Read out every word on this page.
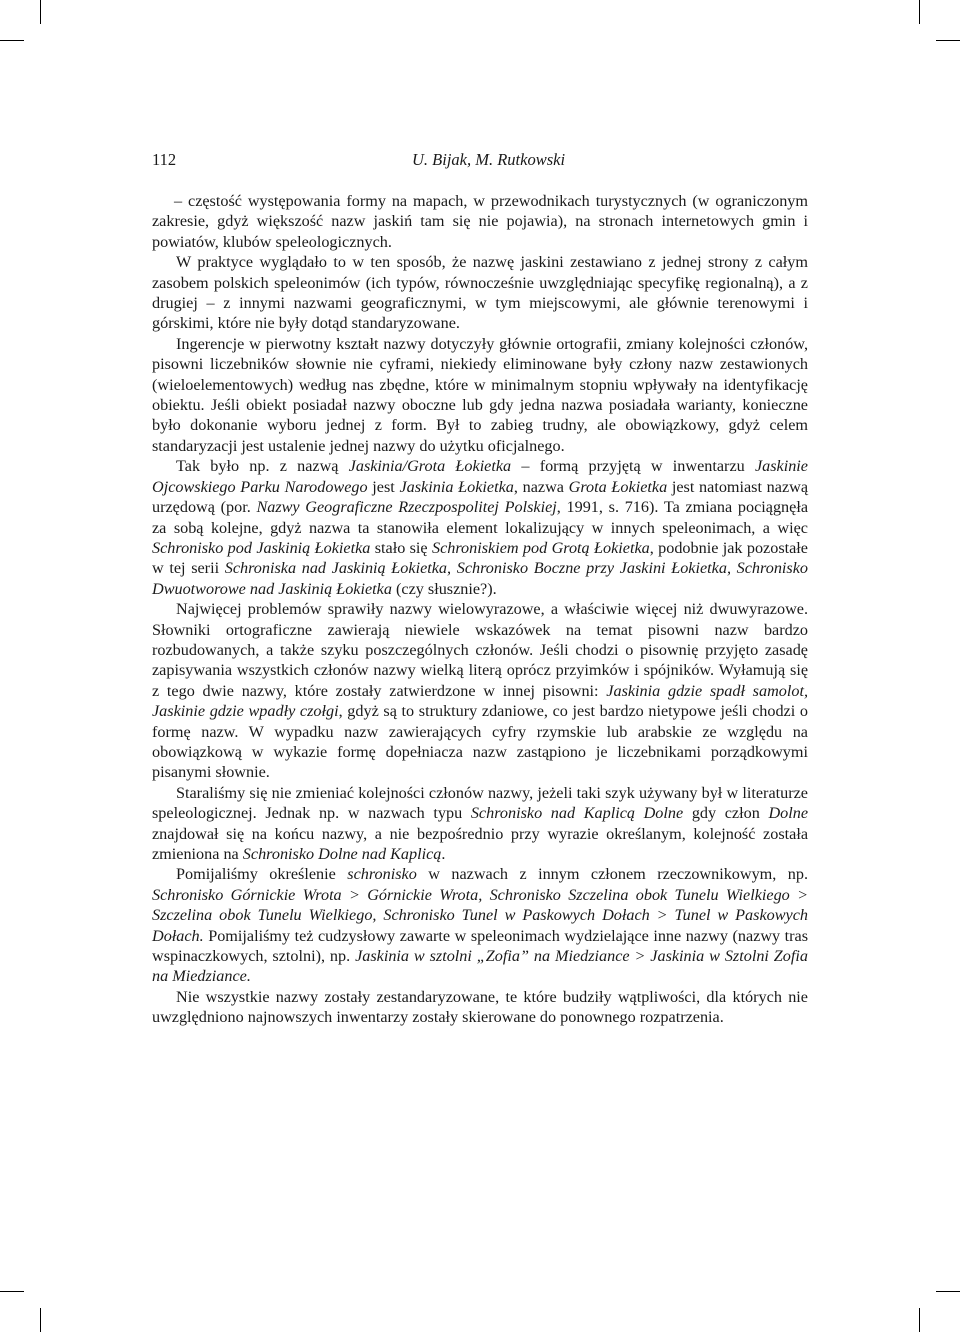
112	U. Bijak, M. Rutkowski

– częstość występowania formy na mapach, w przewodnikach turystycznych (w ograniczonym zakresie, gdyż większość nazw jaskiń tam się nie pojawia), na stronach internetowych gmin i powiatów, klubów speleologicznych.

W praktyce wyglądało to w ten sposób, że nazwę jaskini zestawiano z jednej strony z całym zasobem polskich speleonimów (ich typów, równocześnie uwzględniając specyfikę regionalną), a z drugiej – z innymi nazwami geograficznymi, w tym miejscowymi, ale głównie terenowymi i górskimi, które nie były dotąd standaryzowane.

Ingerencje w pierwotny kształt nazwy dotyczyły głównie ortografii, zmiany kolejności członów, pisowni liczebników słownie nie cyframi, niekiedy eliminowane były człony nazw zestawionych (wieloelementowych) według nas zbędne, które w minimalnym stopniu wpływały na identyfikację obiektu. Jeśli obiekt posiadał nazwy oboczne lub gdy jedna nazwa posiadała warianty, konieczne było dokonanie wyboru jednej z form. Był to zabieg trudny, ale obowiązkowy, gdyż celem standaryzacji jest ustalenie jednej nazwy do użytku oficjalnego.

Tak było np. z nazwą Jaskinia/Grota Łokietka – formą przyjętą w inwentarzu Jaskinie Ojcowskiego Parku Narodowego jest Jaskinia Łokietka, nazwa Grota Łokietka jest natomiast nazwą urzędową (por. Nazwy Geograficzne Rzeczpospolitej Polskiej, 1991, s. 716). Ta zmiana pociągnęła za sobą kolejne, gdyż nazwa ta stanowiła element lokalizujący w innych speleonimach, a więc Schronisko pod Jaskinią Łokietka stało się Schroniskiem pod Grotą Łokietka, podobnie jak pozostałe w tej serii Schroniska nad Jaskinią Łokietka, Schronisko Boczne przy Jaskini Łokietka, Schronisko Dwuotworowe nad Jaskinią Łokietka (czy słusznie?).

Najwięcej problemów sprawiły nazwy wielowyrazowe, a właściwie więcej niż dwuwyrazowe. Słowniki ortograficzne zawierają niewiele wskazówek na temat pisowni nazw bardzo rozbudowanych, a także szyku poszczególnych członów. Jeśli chodzi o pisownię przyjęto zasadę zapisywania wszystkich członów nazwy wielką literą oprócz przyimków i spójników. Wyłamują się z tego dwie nazwy, które zostały zatwierdzone w innej pisowni: Jaskinia gdzie spadł samolot, Jaskinie gdzie wpadły czołgi, gdyż są to struktury zdaniowe, co jest bardzo nietypowe jeśli chodzi o formę nazw. W wypadku nazw zawierających cyfry rzymskie lub arabskie ze względu na obowiązkową w wykazie formę dopełniacza nazw zastąpiono je liczebnikami porządkowymi pisanymi słownie.

Staraliśmy się nie zmieniać kolejności członów nazwy, jeżeli taki szyk używany był w literaturze speleologicznej. Jednak np. w nazwach typu Schronisko nad Kaplicą Dolne gdy człon Dolne znajdował się na końcu nazwy, a nie bezpośrednio przy wyrazie określanym, kolejność została zmieniona na Schronisko Dolne nad Kaplicą.

Pomijaliśmy określenie schronisko w nazwach z innym członem rzeczownikowym, np. Schronisko Górnickie Wrota > Górnickie Wrota, Schronisko Szczelina obok Tunelu Wielkiego > Szczelina obok Tunelu Wielkiego, Schronisko Tunel w Paskowych Dołach > Tunel w Paskowych Dołach. Pomijaliśmy też cudzysłowy zawarte w speleonimach wydzielające inne nazwy (nazwy tras wspinaczkowych, sztolni), np. Jaskinia w sztolni „Zofia” na Miedziance > Jaskinia w Sztolni Zofia na Miedziance.

Nie wszystkie nazwy zostały zestandaryzowane, te które budziły wątpliwości, dla których nie uwzględniono najnowszych inwentarzy zostały skierowane do ponownego rozpatrzenia.
